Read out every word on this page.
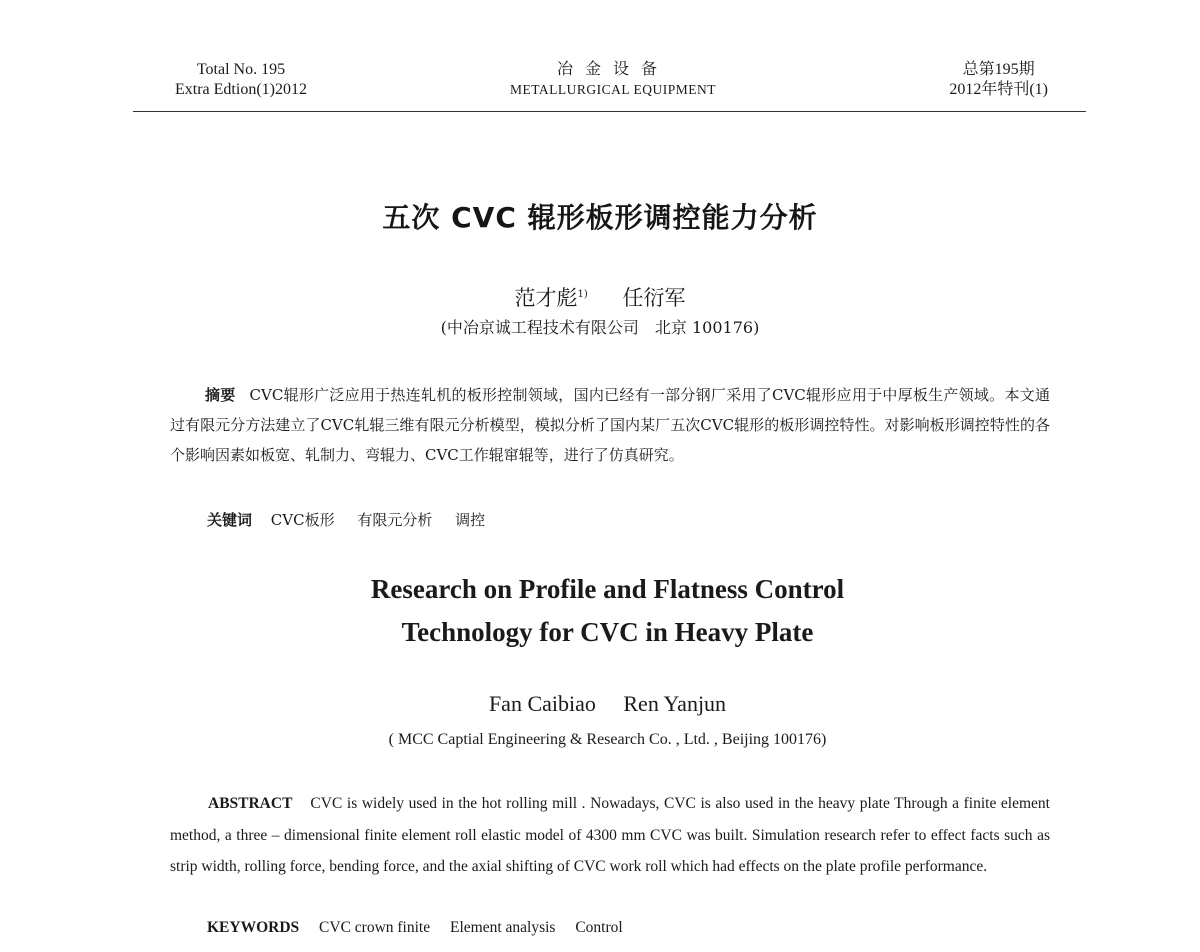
Total No. 195
Extra Edtion(1)2012
冶金设备
METALLURGICAL EQUIPMENT
总第195期
2012年特刊(1)
五次 CVC 辊形板形调控能力分析
范才彪$^{1)}$ 任衍军
(中冶京诚工程技术有限公司　北京 100176)
摘要 CVC辊形广泛应用于热连轧机的板形控制领域，国内已经有一部分钢厂采用了CVC辊形应用于中厚板生产领域。本文通过有限元分方法建立了CVC轧辊三维有限元分析模型，模拟分析了国内某厂五次CVC辊形的板形调控特性。对影响板形调控特性的各个影响因素如板宽、轧制力、弯辊力、CVC工作辊窜辊等，进行了仿真研究。
关键词 CVC板形 有限元分析 调控
Research on Profile and Flatness Control
Technology for CVC in Heavy Plate
Fan Caibiao Ren Yanjun
( MCC Captial Engineering & Research Co. , Ltd. , Beijing 100176)
ABSTRACT CVC is widely used in the hot rolling mill . Nowadays, CVC is also used in the heavy plate Through a finite element method, a three – dimensional finite element roll elastic model of 4300 mm CVC was built. Simulation research refer to effect facts such as strip width, rolling force, bending force, and the axial shifting of CVC work roll which had effects on the plate profile performance.
KEYWORDS CVC crown finite Element analysis Control
